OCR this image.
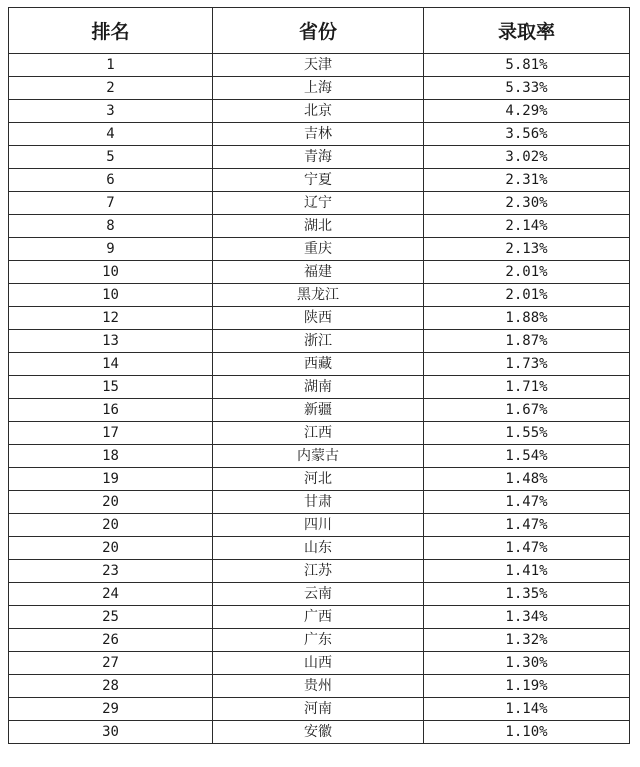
排名	省份	录取率
1	天津	5.81%
2	上海	5.33%
3	北京	4.29%
4	吉林	3.56%
5	青海	3.02%
6	宁夏	2.31%
7	辽宁	2.30%
8	湖北	2.14%
9	重庆	2.13%
10	福建	2.01%
10	黑龙江	2.01%
12	陕西	1.88%
13	浙江	1.87%
14	西藏	1.73%
15	湖南	1.71%
16	新疆	1.67%
17	江西	1.55%
18	内蒙古	1.54%
19	河北	1.48%
20	甘肃	1.47%
20	四川	1.47%
20	山东	1.47%
23	江苏	1.41%
24	云南	1.35%
25	广西	1.34%
26	广东	1.32%
27	山西	1.30%
28	贵州	1.19%
29	河南	1.14%
30	安徽	1.10%
